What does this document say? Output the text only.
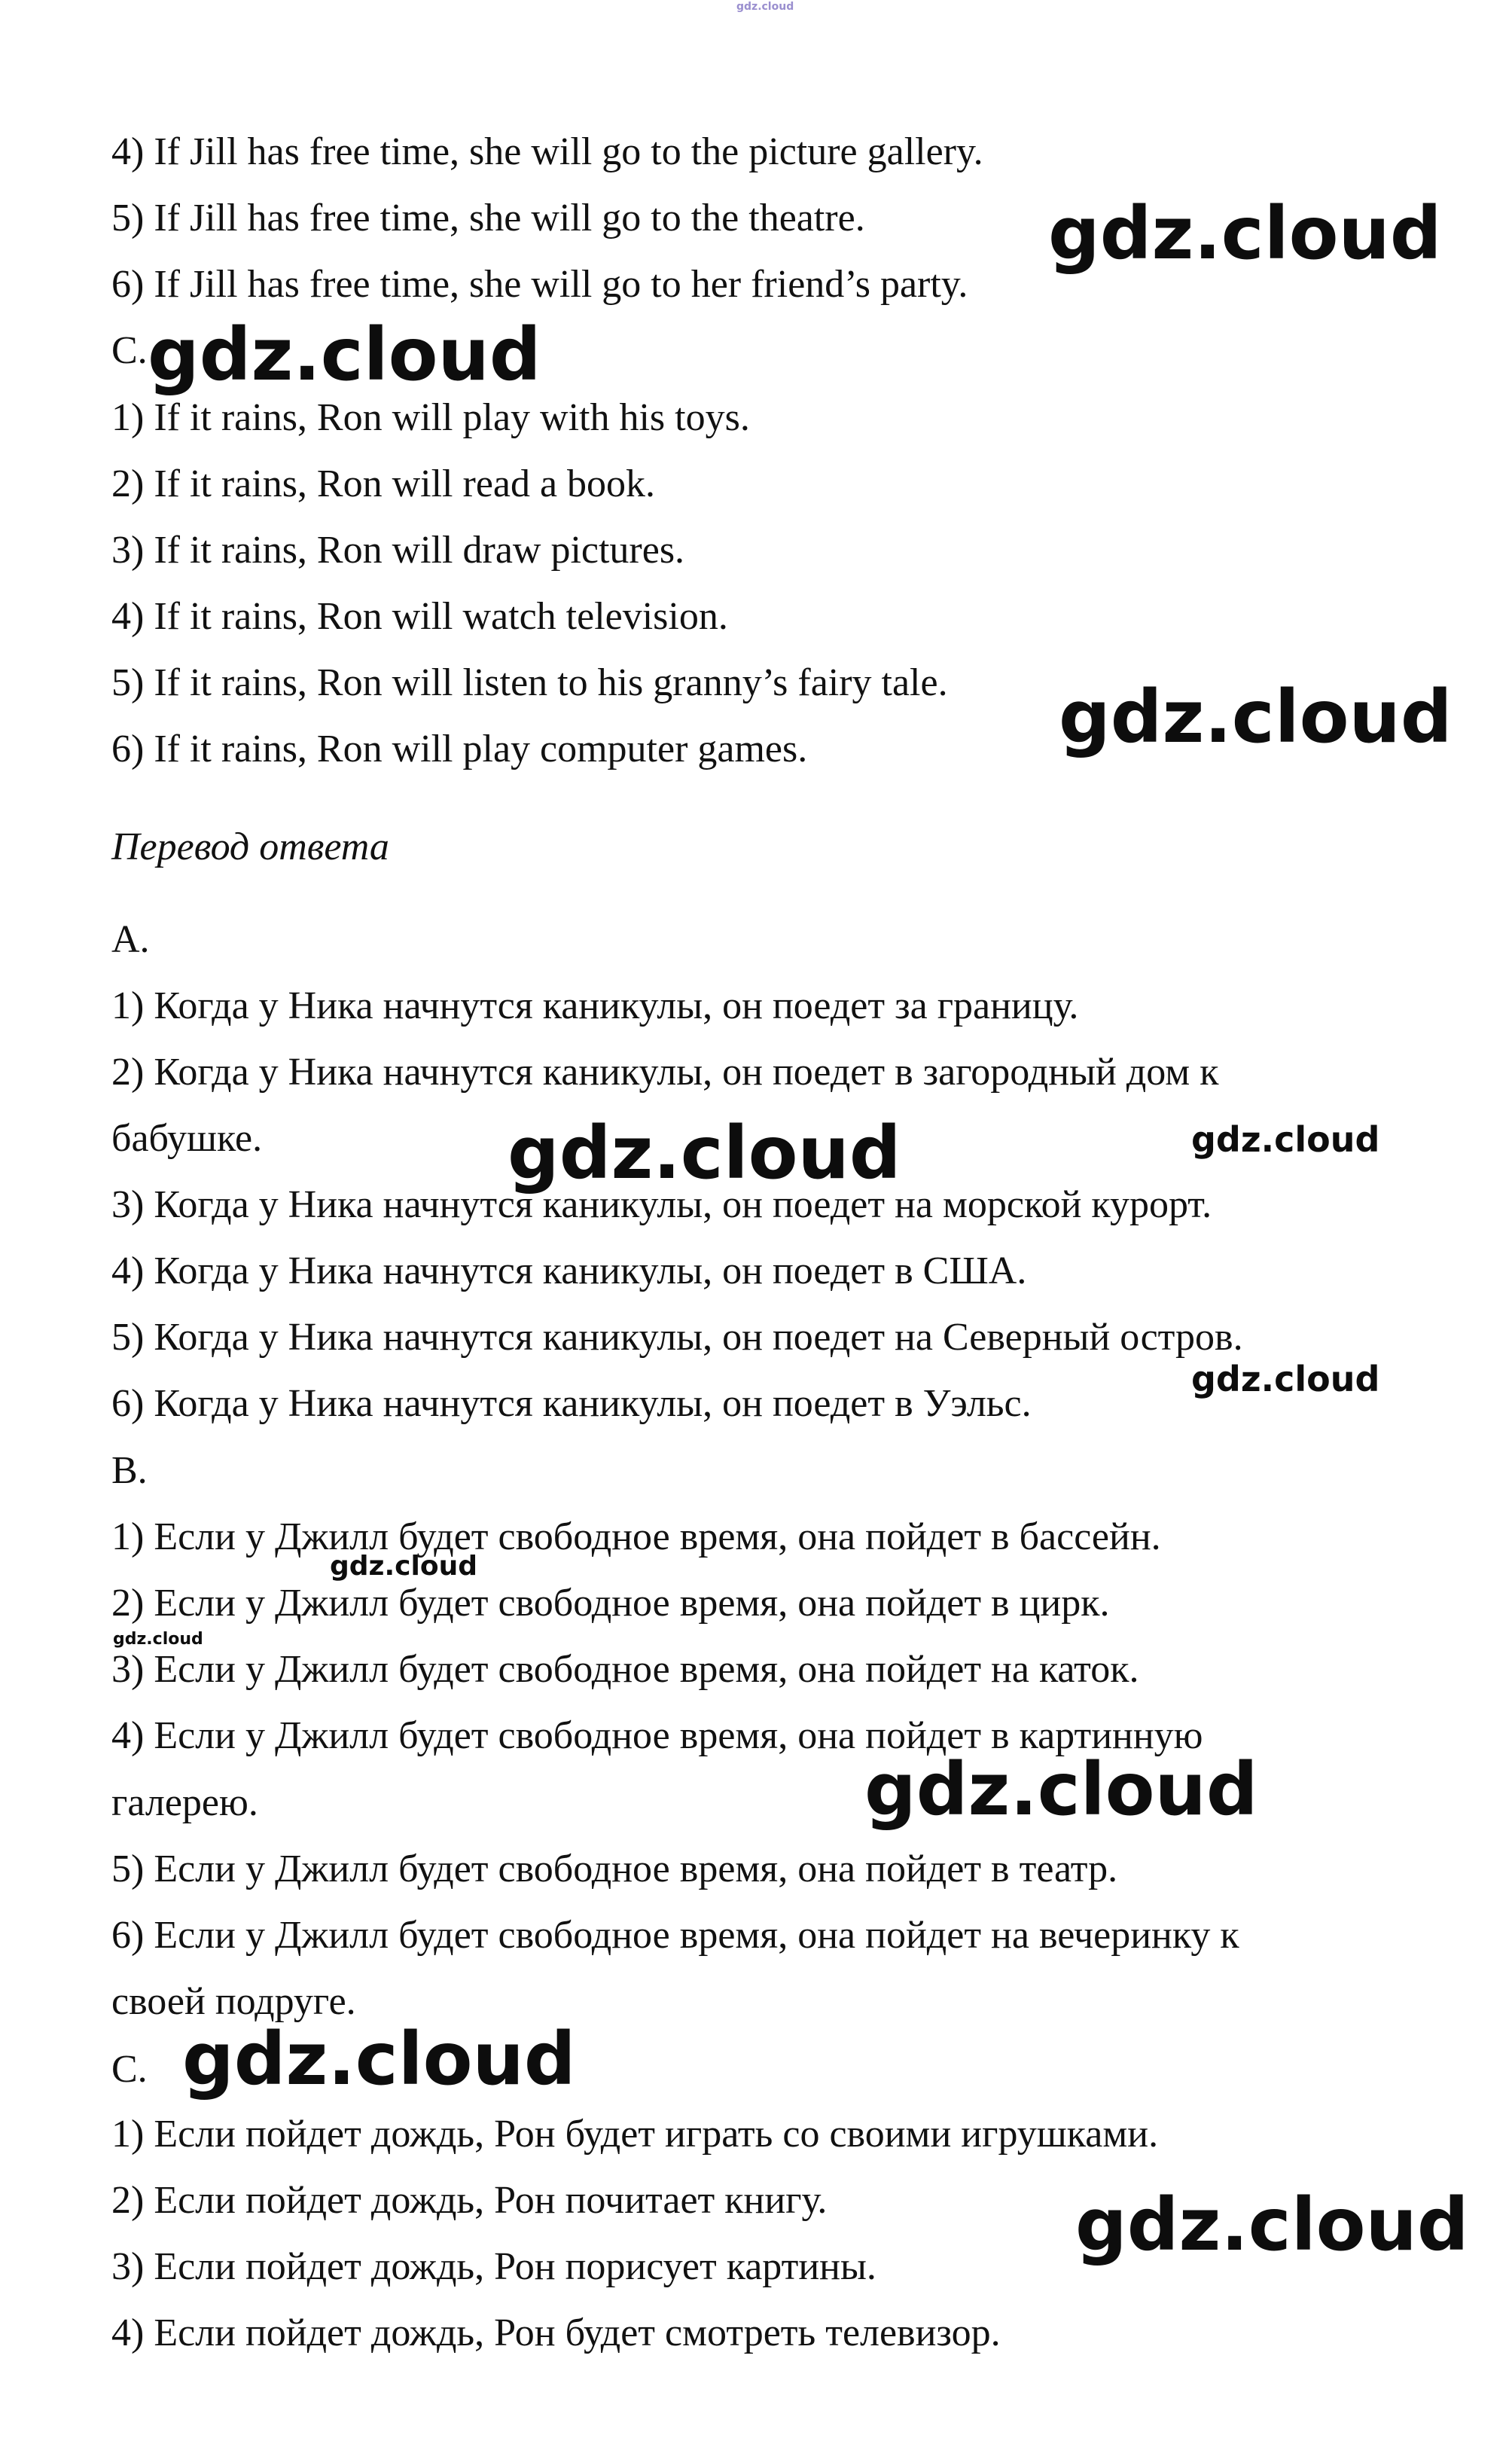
gdz.cloud
4) If Jill has free time, she will go to the picture gallery.
5) If Jill has free time, she will go to the theatre.
6) If Jill has free time, she will go to her friend’s party.
C.
1) If it rains, Ron will play with his toys.
2) If it rains, Ron will read a book.
3) If it rains, Ron will draw pictures.
4) If it rains, Ron will watch television.
5) If it rains, Ron will listen to his granny’s fairy tale.
6) If it rains, Ron will play computer games.
Перевод ответа
A.
1) Когда у Ника начнутся каникулы, он поедет за границу.
2) Когда у Ника начнутся каникулы, он поедет в загородный дом к
бабушке.
3) Когда у Ника начнутся каникулы, он поедет на морской курорт.
4) Когда у Ника начнутся каникулы, он поедет в США.
5) Когда у Ника начнутся каникулы, он поедет на Северный остров.
6) Когда у Ника начнутся каникулы, он поедет в Уэльс.
B.
1) Если у Джилл будет свободное время, она пойдет в бассейн.
2) Если у Джилл будет свободное время, она пойдет в цирк.
3) Если у Джилл будет свободное время, она пойдет на каток.
4) Если у Джилл будет свободное время, она пойдет в картинную
галерею.
5) Если у Джилл будет свободное время, она пойдет в театр.
6) Если у Джилл будет свободное время, она пойдет на вечеринку к
своей подруге.
C.
1) Если пойдет дождь, Рон будет играть со своими игрушками.
2) Если пойдет дождь, Рон почитает книгу.
3) Если пойдет дождь, Рон порисует картины.
4) Если пойдет дождь, Рон будет смотреть телевизор.
gdz.cloud
gdz.cloud
gdz.cloud
gdz.cloud	gdz.cloud
gdz.cloud
gdz.cloud
gdz.cloud
gdz.cloud
gdz.cloud
gdz.cloud
